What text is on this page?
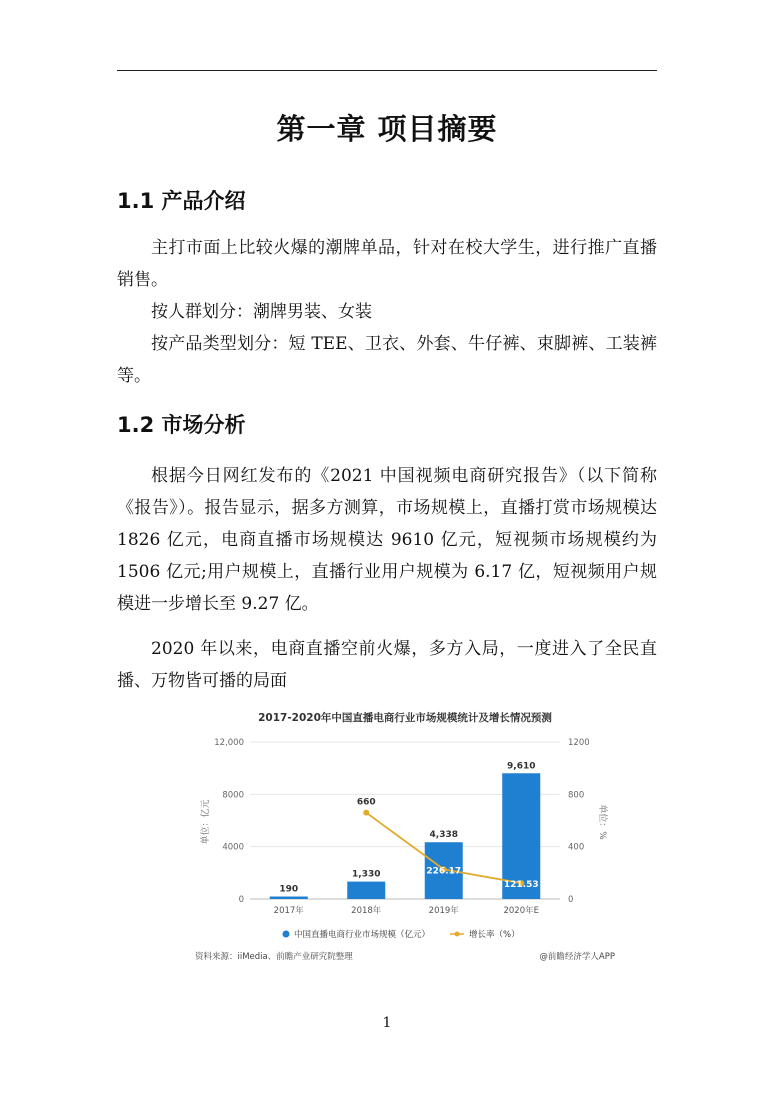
第一章 项目摘要
1.1 产品介绍

主打市面上比较火爆的潮牌单品，针对在校大学生，进行推广直播销售。

按人群划分：潮牌男装、女装

按产品类型划分：短 TEE、卫衣、外套、牛仔裤、束脚裤、工装裤等。

1.2 市场分析

根据今日网红发布的《2021 中国视频电商研究报告》（以下简称《报告》）。报告显示，据多方测算，市场规模上，直播打赏市场规模达 1826 亿元，电商直播市场规模达 9610 亿元，短视频市场规模约为 1506 亿元;用户规模上，直播行业用户规模为 6.17 亿，短视频用户规模进一步增长至 9.27 亿。

2020 年以来，电商直播空前火爆，多方入局，一度进入了全民直播、万物皆可播的局面

2017-2020年中国直播电商行业市场规模统计及增长情况预测
0
4000
8000
12,000
0
400
800
1200
单位：亿元	单位：%
190
1,330
4,338
9,610
660
226.17
121.53
2017年	2018年	2019年	2020年E
中国直播电商行业市场规模（亿元）	增长率（%）
资料来源：iiMedia、前瞻产业研究院整理	@前瞻经济学人APP
1
